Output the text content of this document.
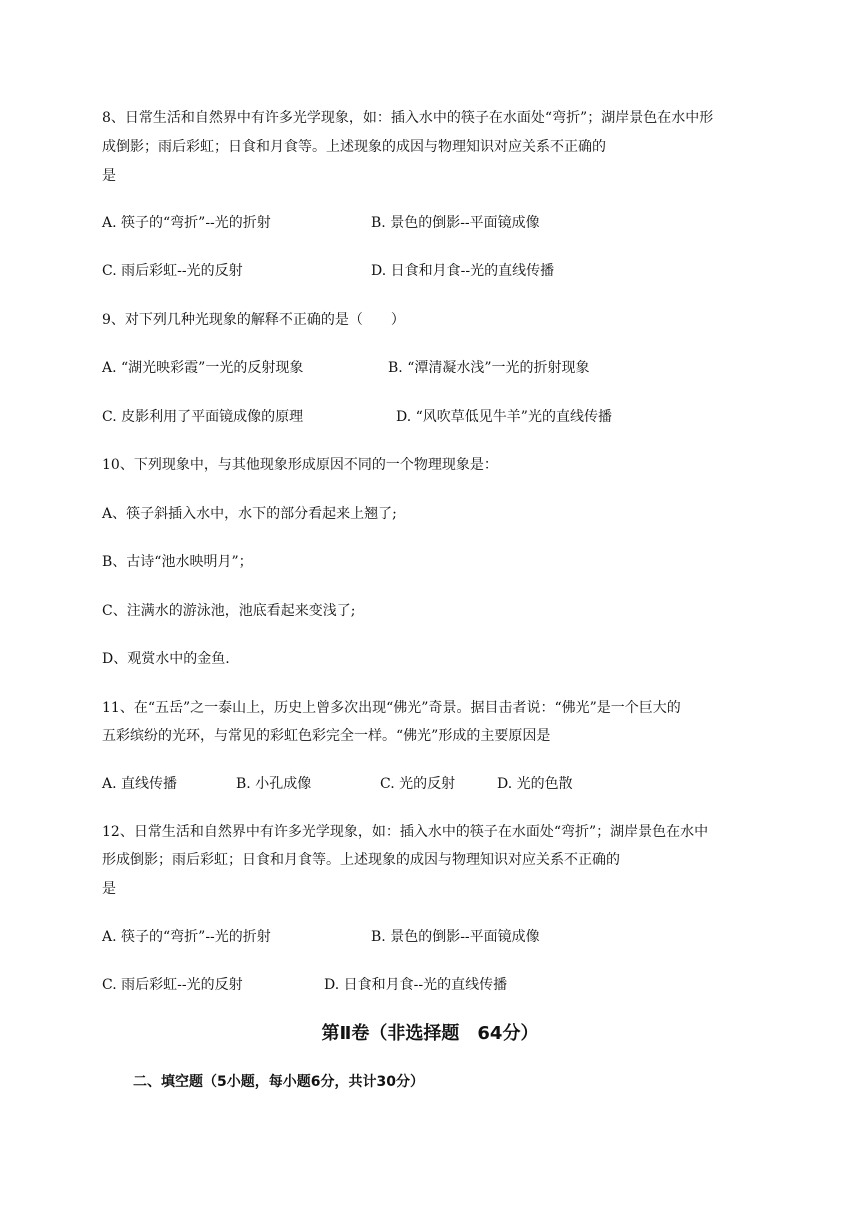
8、日常生活和自然界中有许多光学现象，如：插入水中的筷子在水面处“弯折”；湖岸景色在水中形
成倒影；雨后彩虹；日食和月食等。上述现象的成因与物理知识对应关系不正确的
是
A. 筷子的“弯折”--光的折射	B. 景色的倒影--平面镜成像
C. 雨后彩虹--光的反射	D. 日食和月食--光的直线传播
9、对下列几种光现象的解释不正确的是（　　）
A. “湖光映彩霞”一光的反射现象	B. “潭清凝水浅”一光的折射现象
C. 皮影利用了平面镜成像的原理	D. “风吹草低见牛羊”光的直线传播
10、下列现象中，与其他现象形成原因不同的一个物理现象是：
A、筷子斜插入水中，水下的部分看起来上翘了;
B、古诗“池水映明月”；
C、注满水的游泳池，池底看起来变浅了;
D、观赏水中的金鱼.
11、在“五岳”之一泰山上，历史上曾多次出现“佛光”奇景。据目击者说：“佛光”是一个巨大的
五彩缤纷的光环，与常见的彩虹色彩完全一样。“佛光”形成的主要原因是
A. 直线传播	B. 小孔成像	C. 光的反射	D. 光的色散
12、日常生活和自然界中有许多光学现象，如：插入水中的筷子在水面处“弯折”；湖岸景色在水中
形成倒影；雨后彩虹；日食和月食等。上述现象的成因与物理知识对应关系不正确的
是
A. 筷子的“弯折”--光的折射	B. 景色的倒影--平面镜成像
C. 雨后彩虹--光的反射	D. 日食和月食--光的直线传播
第Ⅱ卷（非选择题　64分）
二、填空题（5小题，每小题6分，共计30分）
